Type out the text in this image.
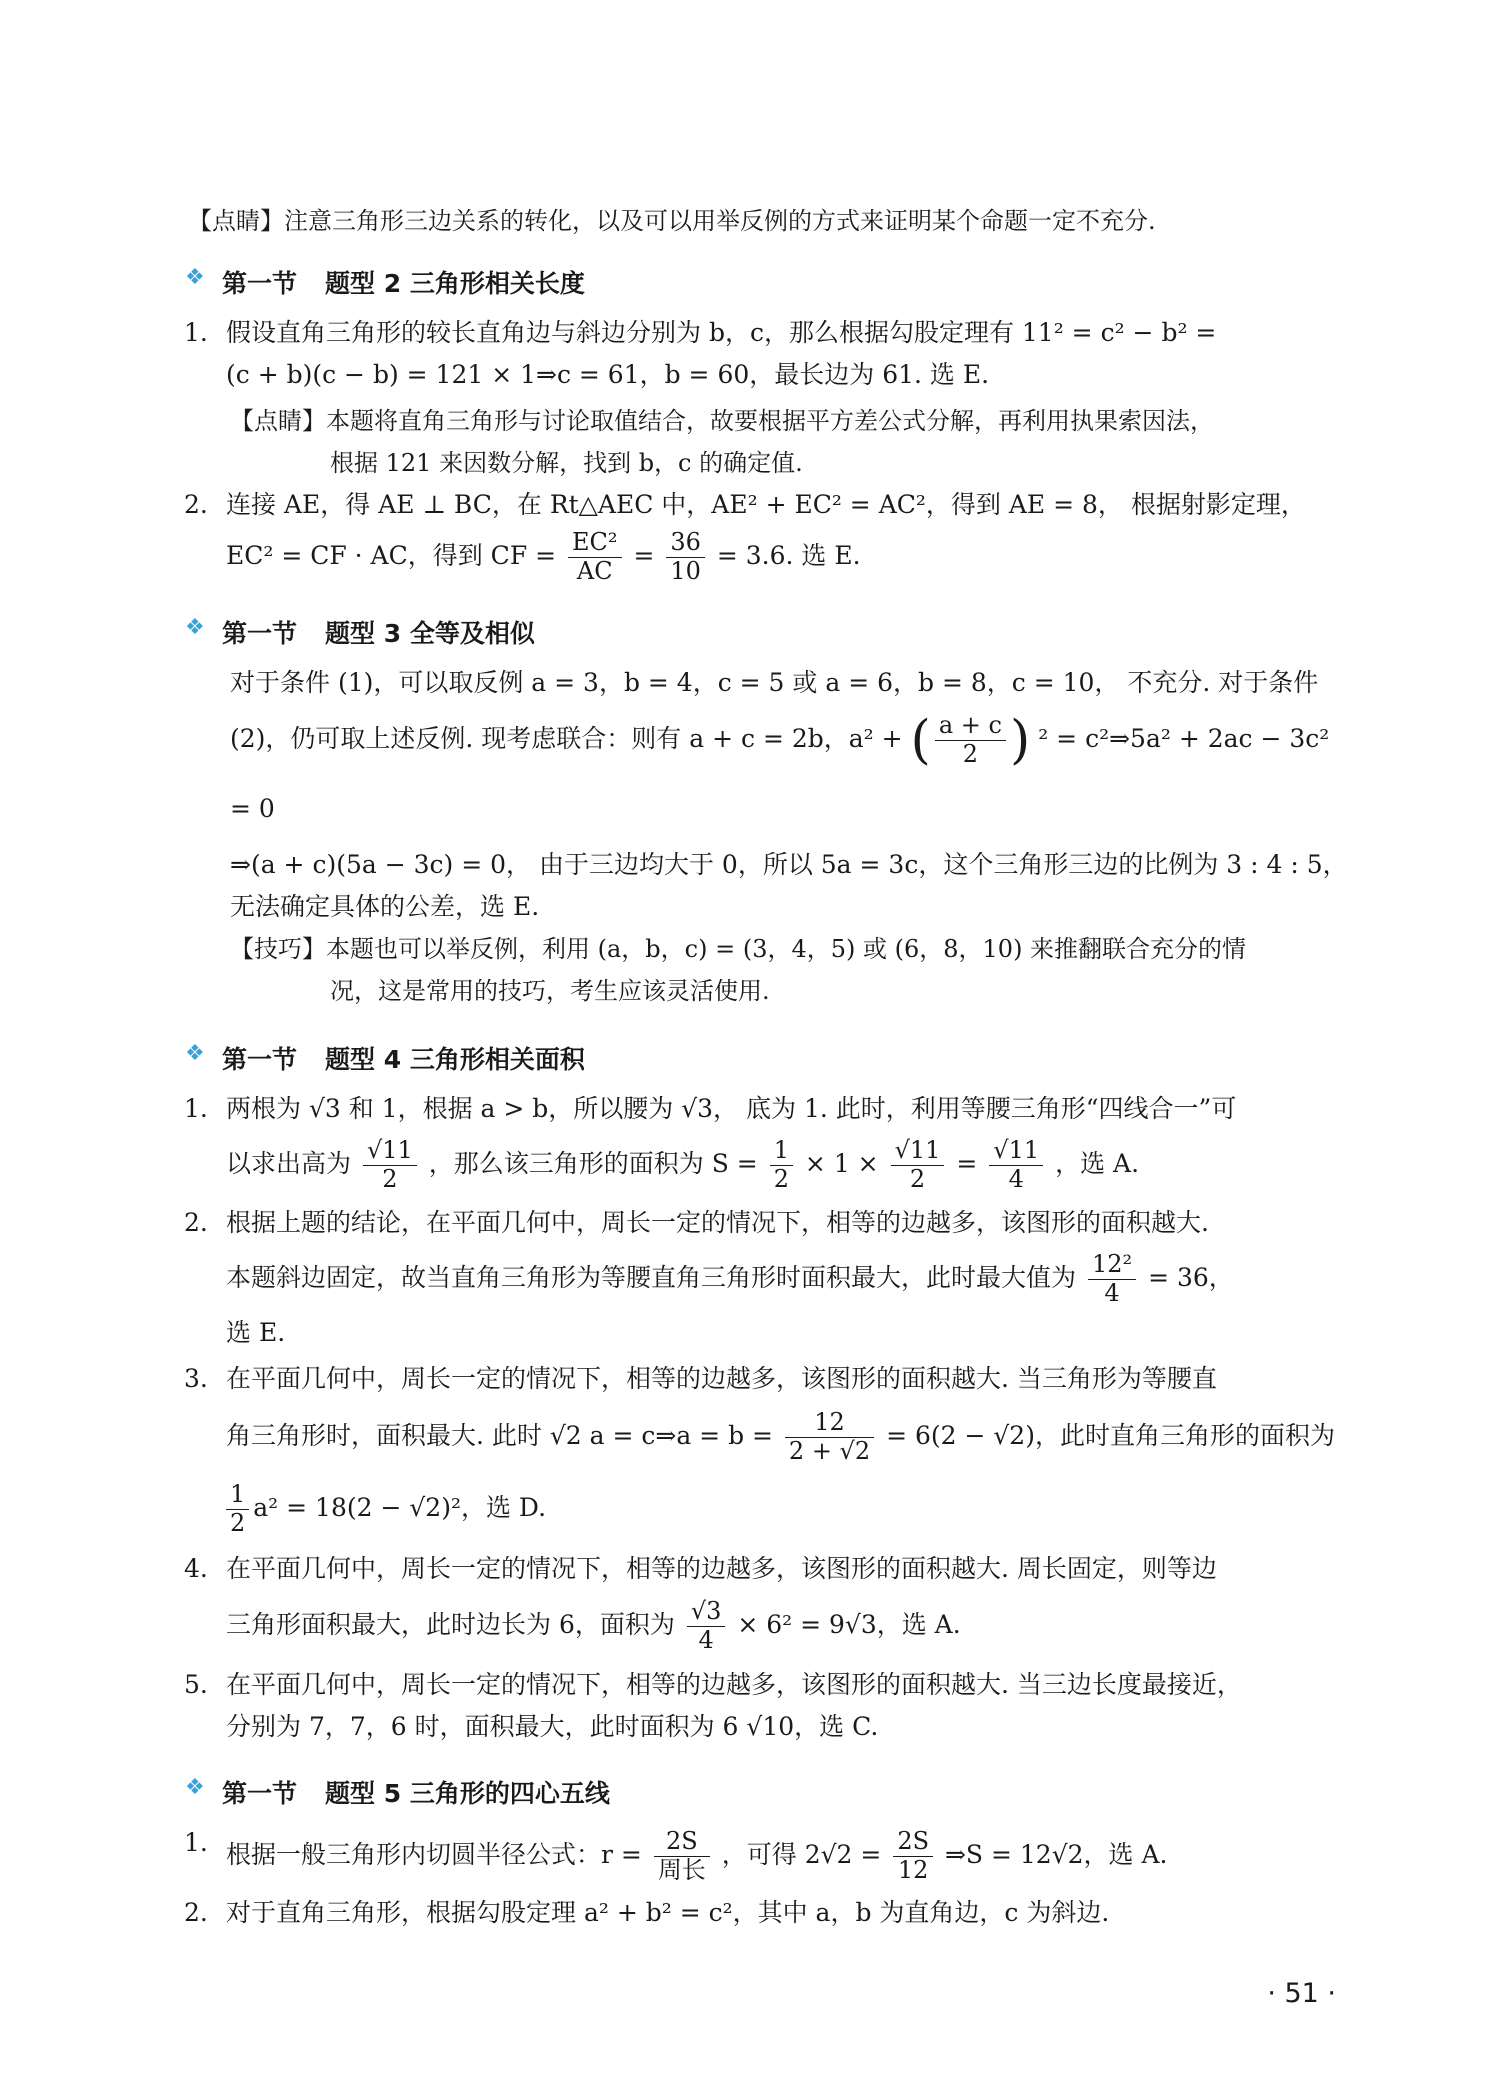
【点睛】注意三角形三边关系的转化，以及可以用举反例的方式来证明某个命题一定不充分.

❖
第一节 题型 2 三角形相关长度
1. 假设直角三角形的较长直角边与斜边分别为 b，c，那么根据勾股定理有 11² = c² − b² =
(c + b)(c − b) = 121 × 1⇒c = 61，b = 60，最长边为 61. 选 E.
【点睛】本题将直角三角形与讨论取值结合，故要根据平方差公式分解，再利用执果索因法，
根据 121 来因数分解，找到 b，c 的确定值.
2. 连接 AE，得 AE ⊥ BC，在 Rt△AEC 中，AE² + EC² = AC²，得到 AE = 8， 根据射影定理，
EC² = CF · AC，得到 CF = $\frac{\text{EC²}}{AC} = \frac{36}{10} = 3.6$. 选 E.
❖
第一节 题型 3 全等及相似
对于条件 (1)，可以取反例 a = 3，b = 4，c = 5 或 a = 6，b = 8，c = 10， 不充分. 对于条件
(2)，仍可取上述反例. 现考虑联合：则有 a + c = 2b，a² + ( $\frac{a + c}{2}$ ) ² = c²⇒5a² + 2ac − 3c² = 0
⇒(a + c)(5a − 3c) = 0， 由于三边均大于 0，所以 5a = 3c，这个三角形三边的比例为 3 : 4 : 5，
无法确定具体的公差，选 E.
【技巧】本题也可以举反例，利用 (a，b，c) = (3，4，5) 或 (6，8，10) 来推翻联合充分的情
况，这是常用的技巧，考生应该灵活使用.
❖
第一节 题型 4 三角形相关面积
1. 两根为 √3 和 1，根据 a > b，所以腰为 √3， 底为 1. 此时，利用等腰三角形“四线合一”可
以求出高为 $\frac{√11}{2}$ ，那么该三角形的面积为 $S = \frac{1}{2} \times 1 \times \frac{√11}{2} = \frac{√11}{4}$ ，选 A.
2. 根据上题的结论，在平面几何中，周长一定的情况下，相等的边越多，该图形的面积越大.
本题斜边固定，故当直角三角形为等腰直角三角形时面积最大，此时最大值为 $\frac{\text{12²}}{4} = 36$，
选 E.
3. 在平面几何中，周长一定的情况下，相等的边越多，该图形的面积越大. 当三角形为等腰直
角三角形时，面积最大. 此时 √2 a = c⇒a = $b = \frac{12}{2 + √2} = 6(2 - √2)$，此时直角三角形的面积为
$\frac{1}{2} a^2 = 18(2 - √2)^2$，选 D.
4. 在平面几何中，周长一定的情况下，相等的边越多，该图形的面积越大. 周长固定，则等边
三角形面积最大，此时边长为 6，面积为 $\frac{√3}{4} \times 6^2 = 9√3$，选 A.
5. 在平面几何中，周长一定的情况下，相等的边越多，该图形的面积越大. 当三边长度最接近，
分别为 7，7，6 时，面积最大，此时面积为 6 √10，选 C.
❖
第一节 题型 5 三角形的四心五线
1. 根据一般三角形内切圆半径公式：$r = \frac{2S}{\text{周长}}$ ，可得 $2√2 = \frac{2S}{12}$ ⇒S = 12√2，选 A.
2. 对于直角三角形，根据勾股定理 a² + b² = c²，其中 a，b 为直角边，c 为斜边.
· 51 ·
